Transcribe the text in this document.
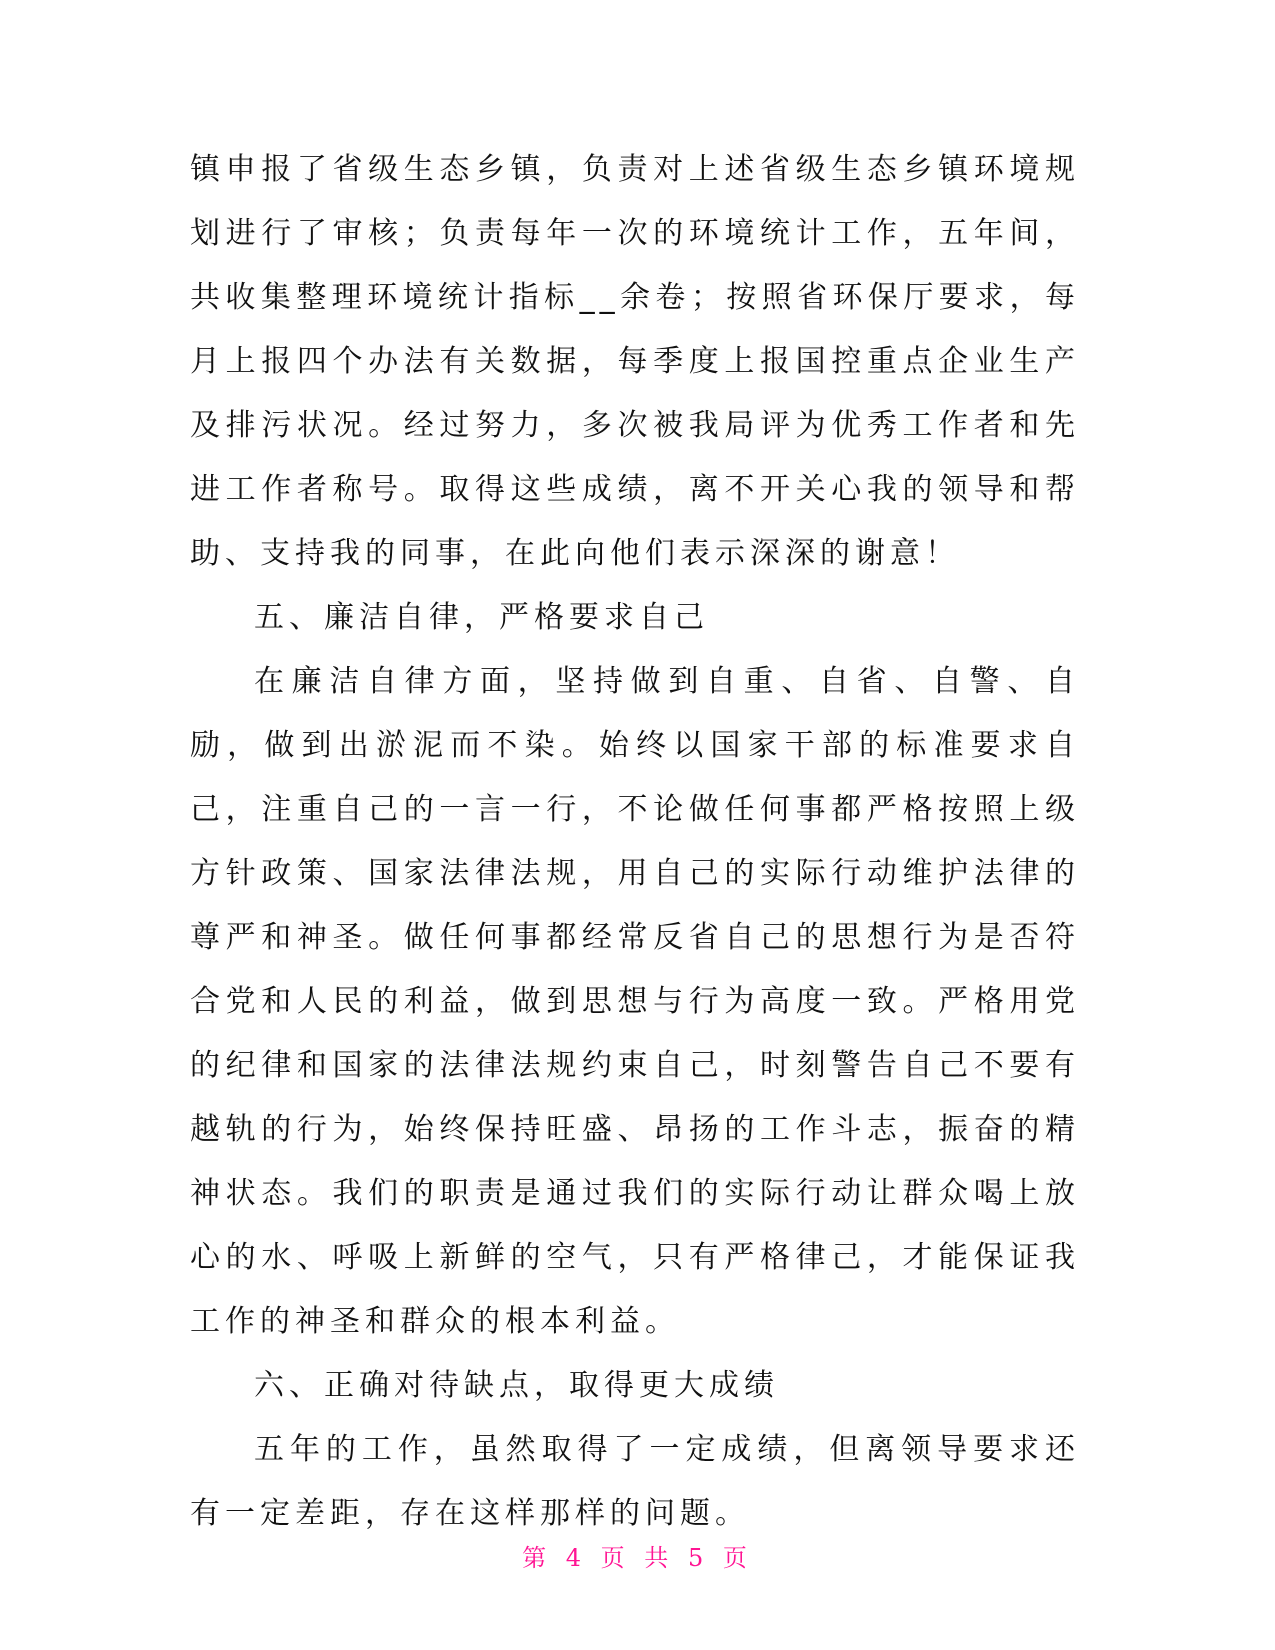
镇申报了省级生态乡镇，负责对上述省级生态乡镇环境规划进行了审核；负责每年一次的环境统计工作，五年间，共收集整理环境统计指标__余卷；按照省环保厅要求，每月上报四个办法有关数据，每季度上报国控重点企业生产及排污状况。经过努力，多次被我局评为优秀工作者和先进工作者称号。取得这些成绩，离不开关心我的领导和帮助、支持我的同事，在此向他们表示深深的谢意！

五、廉洁自律，严格要求自己

在廉洁自律方面，坚持做到自重、自省、自警、自励，做到出淤泥而不染。始终以国家干部的标准要求自己，注重自己的一言一行，不论做任何事都严格按照上级方针政策、国家法律法规，用自己的实际行动维护法律的尊严和神圣。做任何事都经常反省自己的思想行为是否符合党和人民的利益，做到思想与行为高度一致。严格用党的纪律和国家的法律法规约束自己，时刻警告自己不要有越轨的行为，始终保持旺盛、昂扬的工作斗志，振奋的精神状态。我们的职责是通过我们的实际行动让群众喝上放心的水、呼吸上新鲜的空气，只有严格律己，才能保证我工作的神圣和群众的根本利益。

六、正确对待缺点，取得更大成绩

五年的工作，虽然取得了一定成绩，但离领导要求还有一定差距，存在这样那样的问题。

第 4 页 共 5 页
